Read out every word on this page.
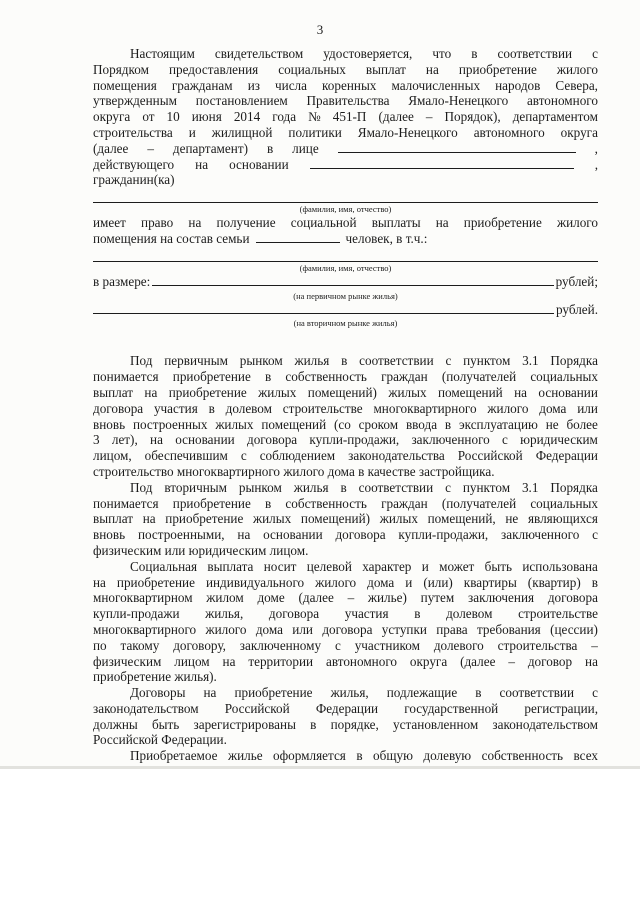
3
Настоящим свидетельством удостоверяется, что в соответствии с
Порядком предоставления социальных выплат на приобретение жилого
помещения гражданам из числа коренных малочисленных народов Севера,
утвержденным постановлением Правительства Ямало-Ненецкого автономного
округа от 10 июня 2014 года № 451-П (далее – Порядок), департаментом
строительства и жилищной политики Ямало-Ненецкого автономного округа
(далее – департамент) в лице	,
действующего на основании	,
гражданин(ка)
(фамилия, имя, отчество)
имеет право на получение социальной выплаты на приобретение жилого
помещения на состав семьи	человек, в т.ч.:
(фамилия, имя, отчество)
в размере:	рублей;
(на первичном рынке жилья)
рублей.
(на вторичном рынке жилья)
Под первичным рынком жилья в соответствии с пунктом 3.1 Порядка
понимается приобретение в собственность граждан (получателей социальных
выплат на приобретение жилых помещений) жилых помещений на основании
договора участия в долевом строительстве многоквартирного жилого дома или
вновь построенных жилых помещений (со сроком ввода в эксплуатацию не более
3 лет), на основании договора купли-продажи, заключенного с юридическим
лицом, обеспечившим с соблюдением законодательства Российской Федерации
строительство многоквартирного жилого дома в качестве застройщика.
Под вторичным рынком жилья в соответствии с пунктом 3.1 Порядка
понимается приобретение в собственность граждан (получателей социальных
выплат на приобретение жилых помещений) жилых помещений, не являющихся
вновь построенными, на основании договора купли-продажи, заключенного с
физическим или юридическим лицом.
Социальная выплата носит целевой характер и может быть использована
на приобретение индивидуального жилого дома и (или) квартиры (квартир) в
многоквартирном жилом доме (далее – жилье) путем заключения договора
купли-продажи жилья, договора участия в долевом строительстве
многоквартирного жилого дома или договора уступки права требования (цессии)
по такому договору, заключенному с участником долевого строительства –
физическим лицом на территории автономного округа (далее – договор на
приобретение жилья).
Договоры на приобретение жилья, подлежащие в соответствии с
законодательством Российской Федерации государственной регистрации,
должны быть зарегистрированы в порядке, установленном законодательством
Российской Федерации.
Приобретаемое жилье оформляется в общую долевую собственность всех
